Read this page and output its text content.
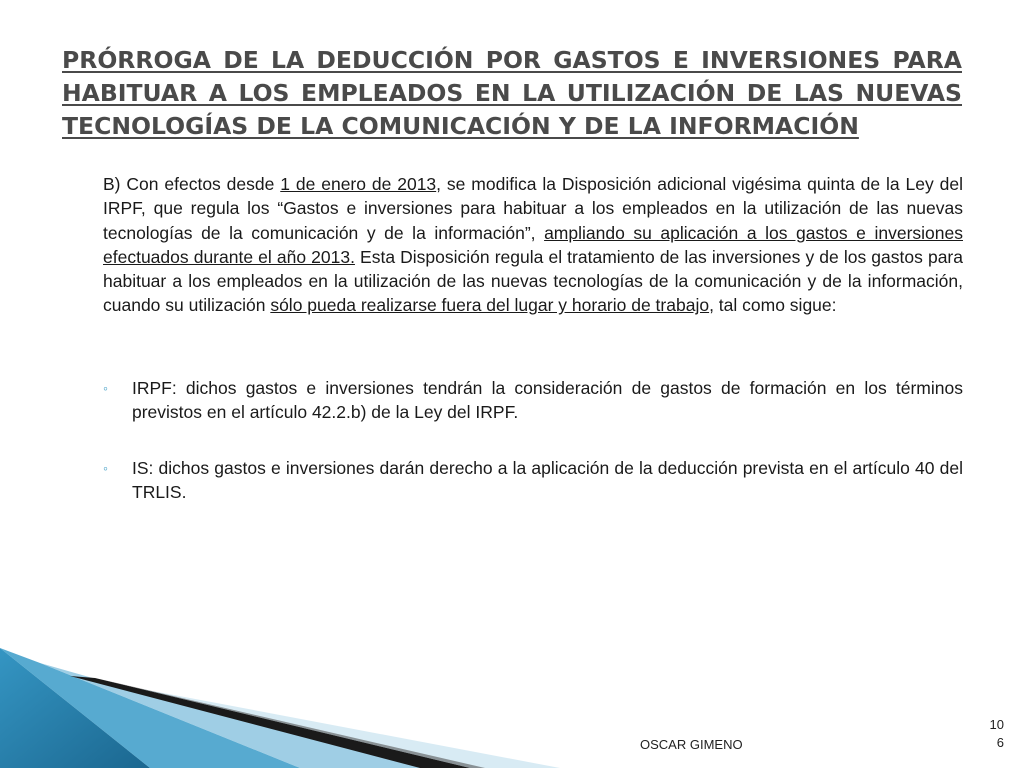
PRÓRROGA DE LA DEDUCCIÓN POR GASTOS E INVERSIONES PARA HABITUAR A LOS EMPLEADOS EN LA UTILIZACIÓN DE LAS NUEVAS TECNOLOGÍAS DE LA COMUNICACIÓN Y DE LA INFORMACIÓN

B) Con efectos desde 1 de enero de 2013, se modifica la Disposición adicional vigésima quinta de la Ley del IRPF, que regula los “Gastos e inversiones para habituar a los empleados en la utilización de las nuevas tecnologías de la comunicación y de la información”, ampliando su aplicación a los gastos e inversiones efectuados durante el año 2013. Esta Disposición regula el tratamiento de las inversiones y de los gastos para habituar a los empleados en la utilización de las nuevas tecnologías de la comunicación y de la información, cuando su utilización sólo pueda realizarse fuera del lugar y horario de trabajo, tal como sigue:

◦ IRPF: dichos gastos e inversiones tendrán la consideración de gastos de formación en los términos previstos en el artículo 42.2.b) de la Ley del IRPF.
◦ IS: dichos gastos e inversiones darán derecho a la aplicación de la deducción prevista en el artículo 40 del TRLIS.
OSCAR GIMENO
10
6
